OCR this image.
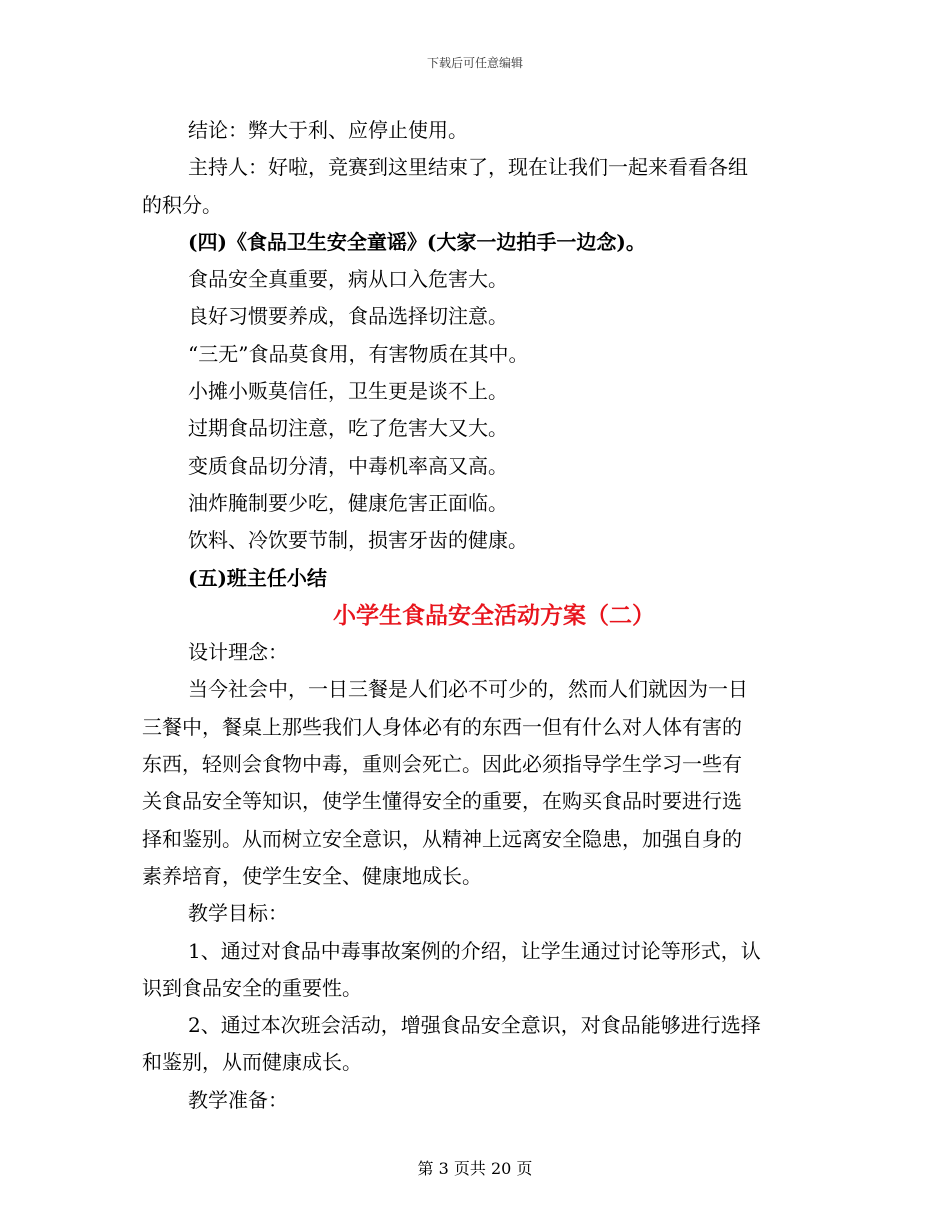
下载后可任意编辑
结论：弊大于利、应停止使用。
主持人：好啦，竞赛到这里结束了，现在让我们一起来看看各组
的积分。
(四)《食品卫生安全童谣》(大家一边拍手一边念)。
食品安全真重要，病从口入危害大。
良好习惯要养成，食品选择切注意。
“三无”食品莫食用，有害物质在其中。
小摊小贩莫信任，卫生更是谈不上。
过期食品切注意，吃了危害大又大。
变质食品切分清，中毒机率高又高。
油炸腌制要少吃，健康危害正面临。
饮料、冷饮要节制，损害牙齿的健康。
(五)班主任小结
小学生食品安全活动方案（二）
设计理念：
当今社会中，一日三餐是人们必不可少的，然而人们就因为一日
三餐中，餐桌上那些我们人身体必有的东西一但有什么对人体有害的
东西，轻则会食物中毒，重则会死亡。因此必须指导学生学习一些有
关食品安全等知识，使学生懂得安全的重要，在购买食品时要进行选
择和鉴别。从而树立安全意识，从精神上远离安全隐患，加强自身的
素养培育，使学生安全、健康地成长。
教学目标：
1、通过对食品中毒事故案例的介绍，让学生通过讨论等形式，认
识到食品安全的重要性。
2、通过本次班会活动，增强食品安全意识，对食品能够进行选择
和鉴别，从而健康成长。
教学准备：
第 3 页共 20 页
